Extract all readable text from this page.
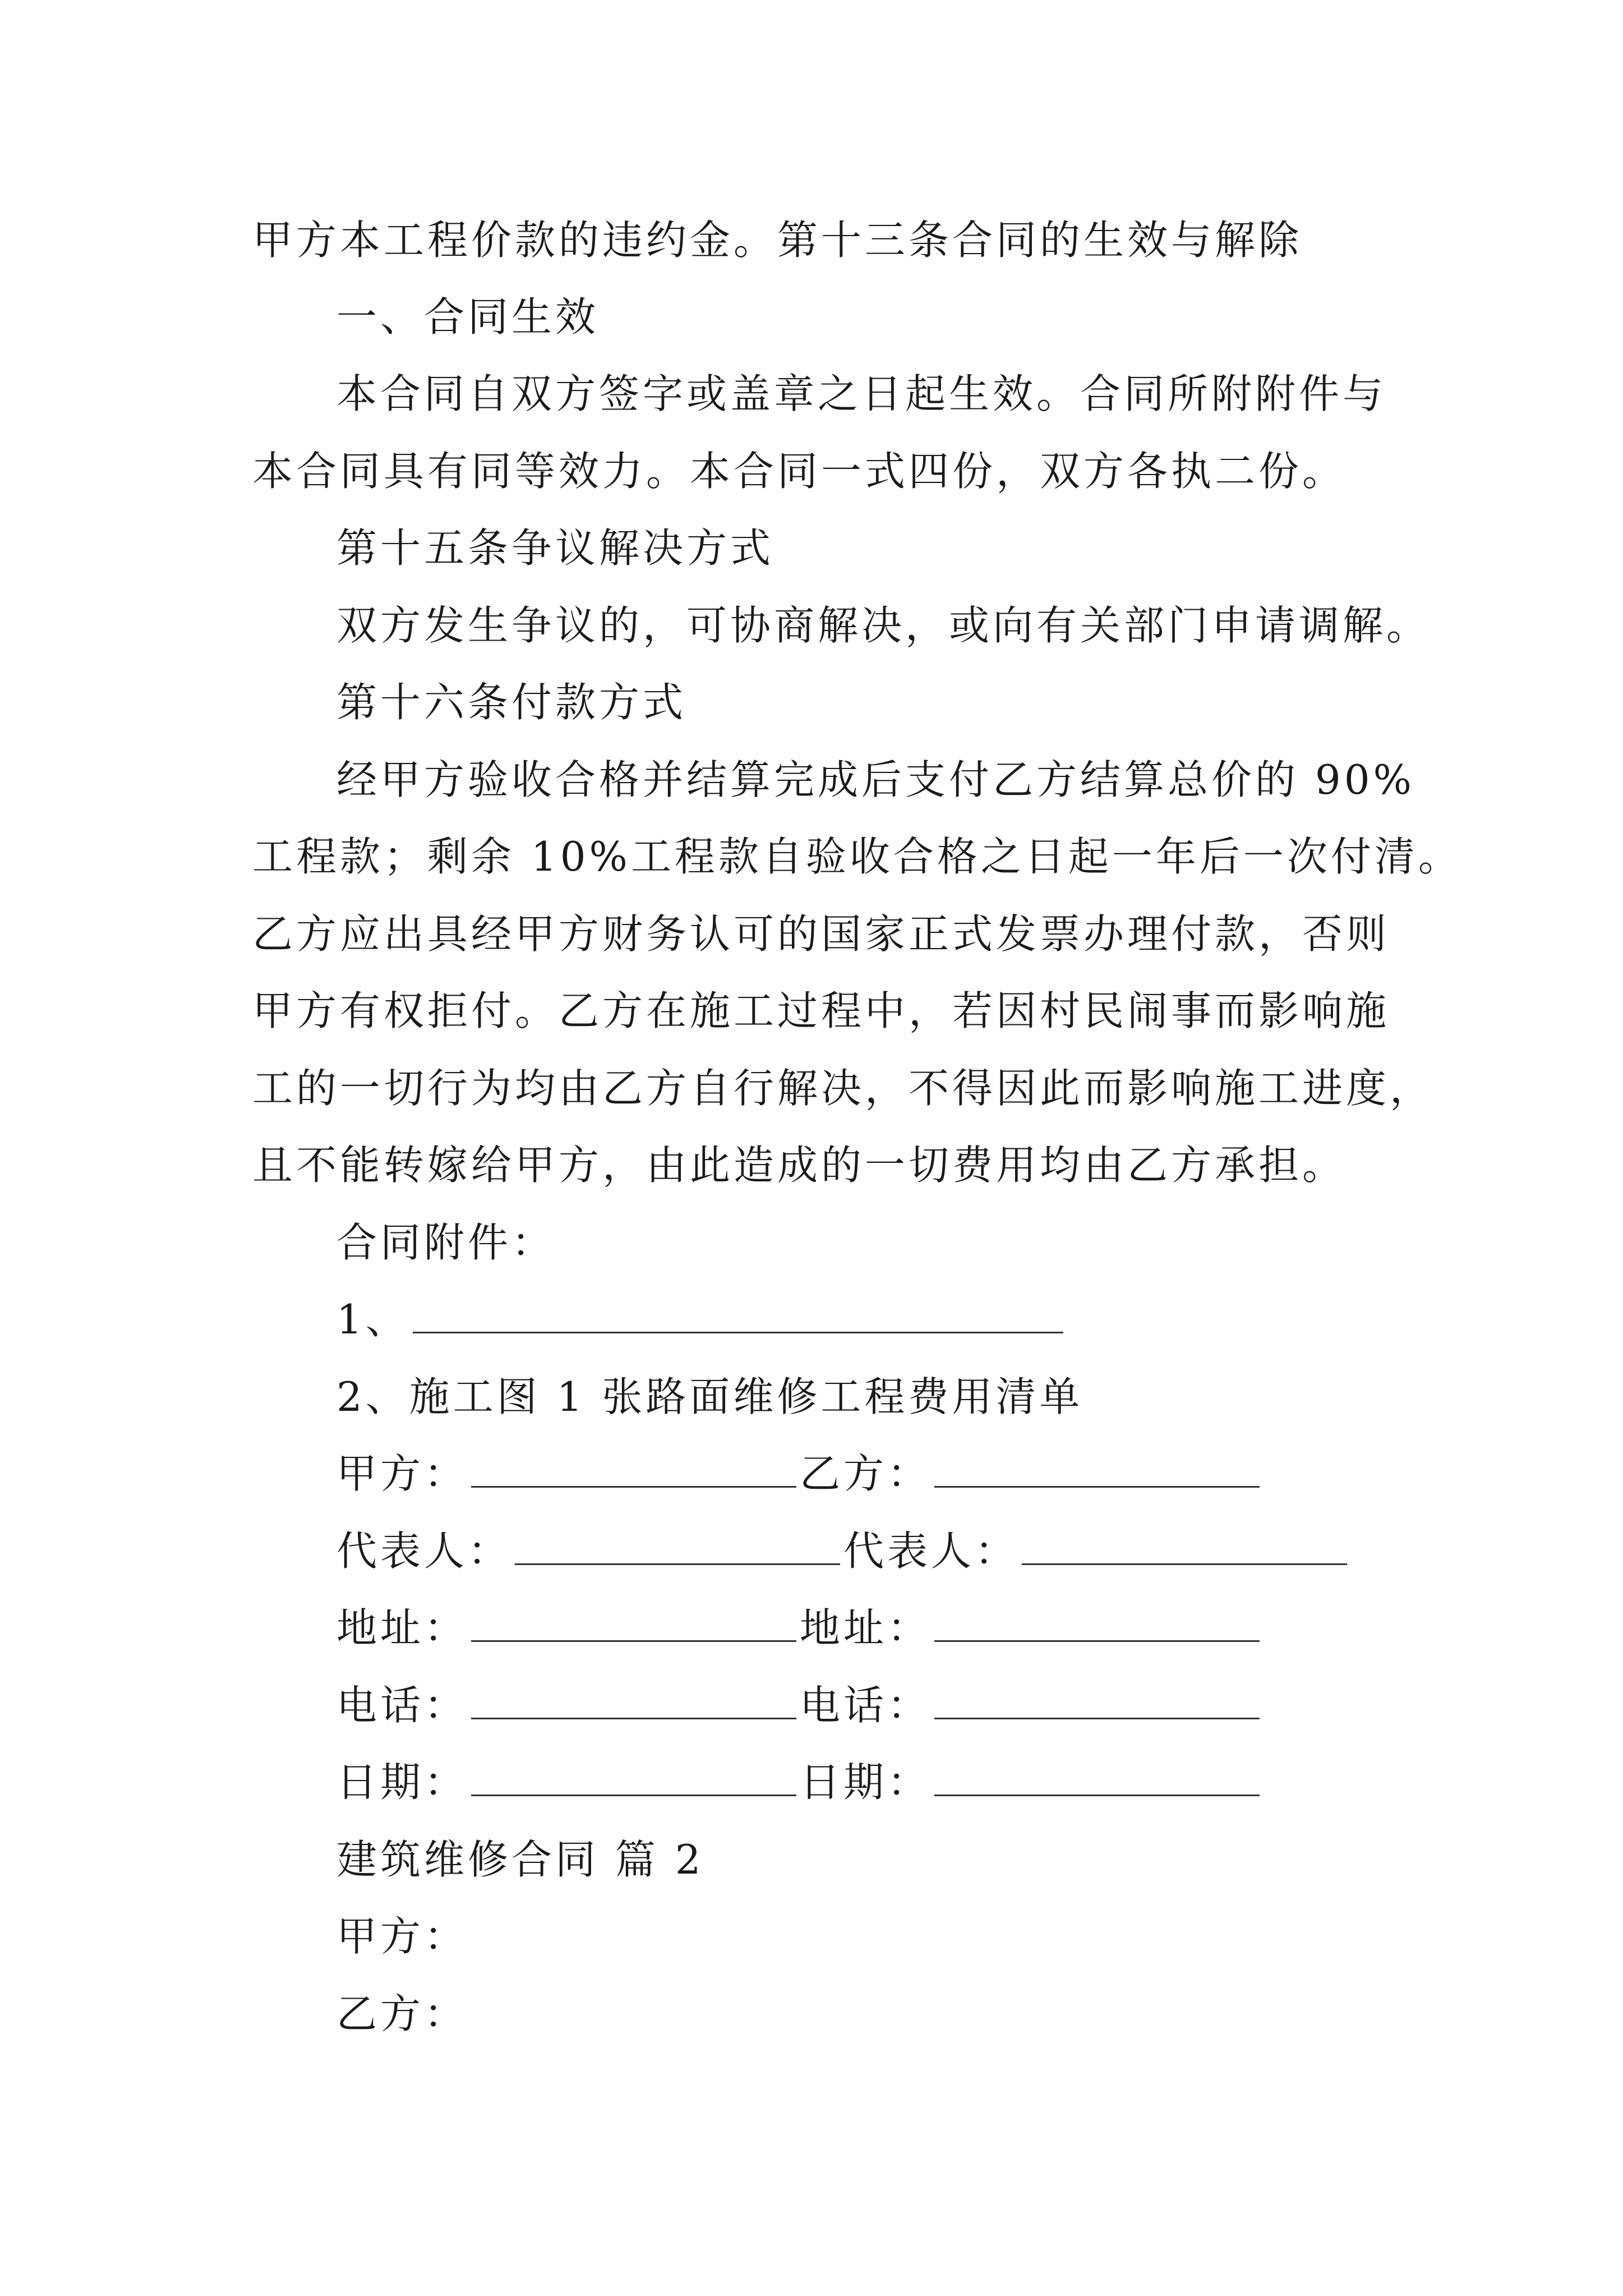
甲方本工程价款的违约金。第十三条合同的生效与解除
一、合同生效
本合同自双方签字或盖章之日起生效。合同所附附件与
本合同具有同等效力。本合同一式四份，双方各执二份。
第十五条争议解决方式
双方发生争议的，可协商解决，或向有关部门申请调解。
第十六条付款方式
经甲方验收合格并结算完成后支付乙方结算总价的 90%
工程款；剩余 10%工程款自验收合格之日起一年后一次付清。
乙方应出具经甲方财务认可的国家正式发票办理付款，否则
甲方有权拒付。乙方在施工过程中，若因村民闹事而影响施
工的一切行为均由乙方自行解决，不得因此而影响施工进度，
且不能转嫁给甲方，由此造成的一切费用均由乙方承担。
合同附件：
1、
2、施工图 1 张路面维修工程费用清单
甲方：	乙方：
代表人：	代表人：
地址：	地址：
电话：	电话：
日期：	日期：
建筑维修合同 篇 2
甲方：
乙方：
